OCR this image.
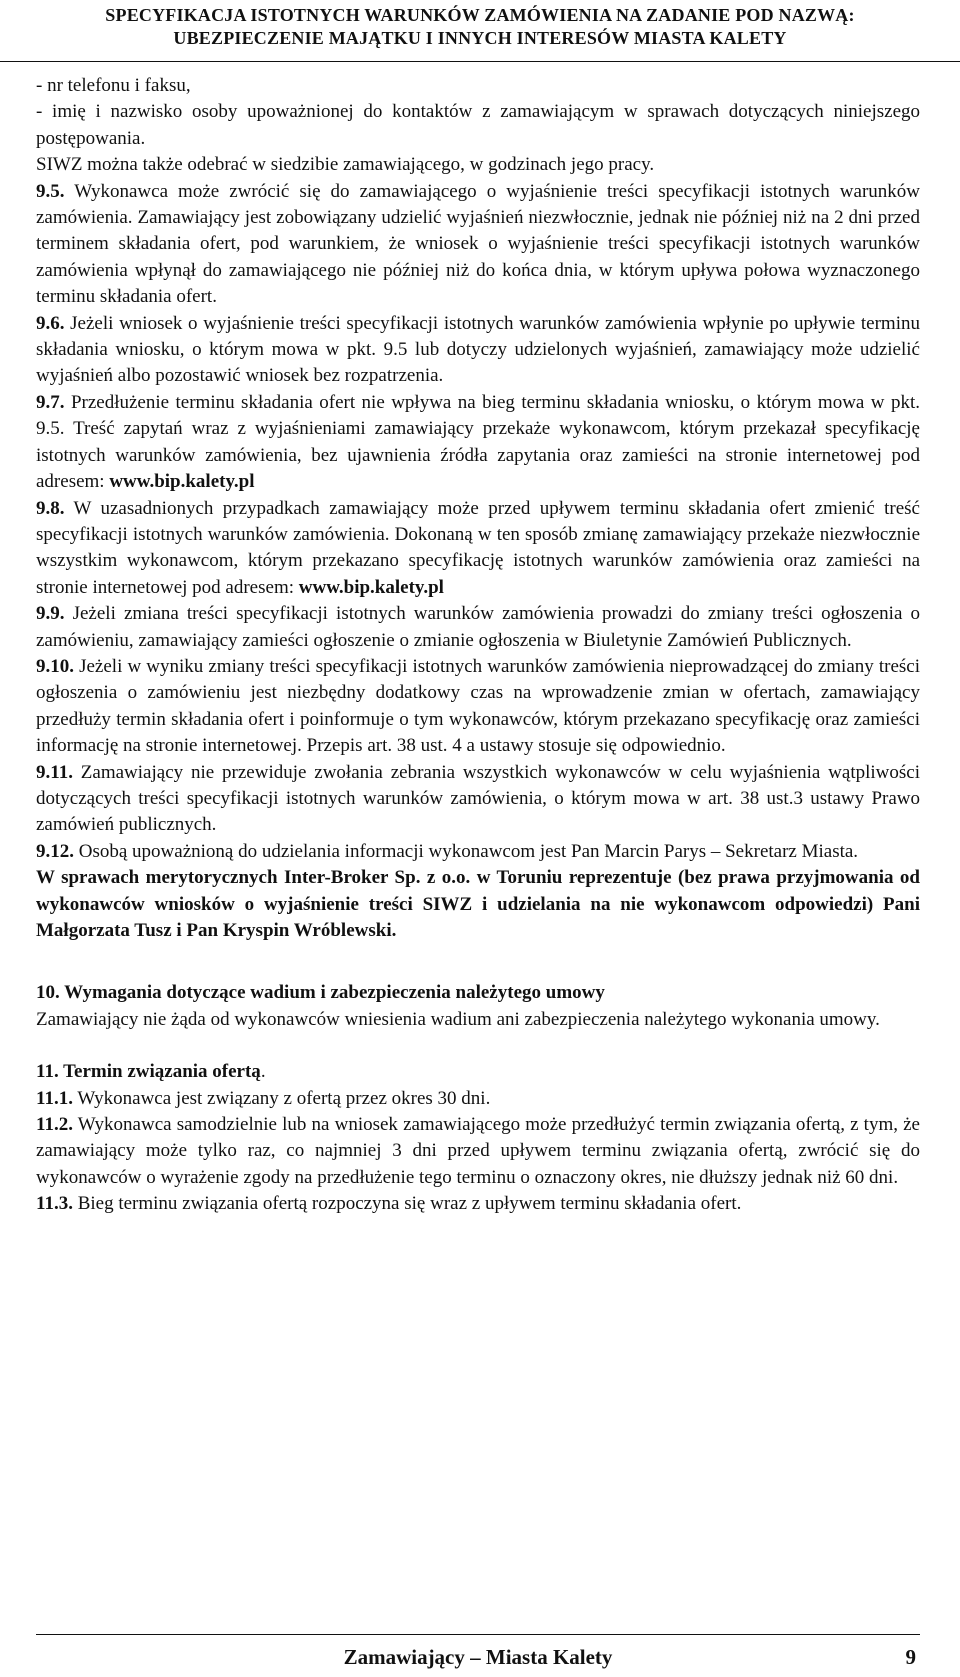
SPECYFIKACJA ISTOTNYCH WARUNKÓW ZAMÓWIENIA NA ZADANIE POD NAZWĄ:
UBEZPIECZENIE MAJĄTKU I INNYCH INTERESÓW MIASTA KALETY

- nr telefonu i faksu,

- imię i nazwisko osoby upoważnionej do kontaktów z zamawiającym w sprawach dotyczących niniejszego postępowania.

SIWZ można także odebrać w siedzibie zamawiającego, w godzinach jego pracy.

9.5. Wykonawca może zwrócić się do zamawiającego o wyjaśnienie treści specyfikacji istotnych warunków zamówienia. Zamawiający jest zobowiązany udzielić wyjaśnień niezwłocznie, jednak nie później niż na 2 dni przed terminem składania ofert, pod warunkiem, że wniosek o wyjaśnienie treści specyfikacji istotnych warunków zamówienia wpłynął do zamawiającego nie później niż do końca dnia, w którym upływa połowa wyznaczonego terminu składania ofert.

9.6. Jeżeli wniosek o wyjaśnienie treści specyfikacji istotnych warunków zamówienia wpłynie po upływie terminu składania wniosku, o którym mowa w pkt. 9.5 lub dotyczy udzielonych wyjaśnień, zamawiający może udzielić wyjaśnień albo pozostawić wniosek bez rozpatrzenia.

9.7. Przedłużenie terminu składania ofert nie wpływa na bieg terminu składania wniosku, o którym mowa w pkt. 9.5. Treść zapytań wraz z wyjaśnieniami zamawiający przekaże wykonawcom, którym przekazał specyfikację istotnych warunków zamówienia, bez ujawnienia źródła zapytania oraz zamieści na stronie internetowej pod adresem: www.bip.kalety.pl

9.8. W uzasadnionych przypadkach zamawiający może przed upływem terminu składania ofert zmienić treść specyfikacji istotnych warunków zamówienia. Dokonaną w ten sposób zmianę zamawiający przekaże niezwłocznie wszystkim wykonawcom, którym przekazano specyfikację istotnych warunków zamówienia oraz zamieści na stronie internetowej pod adresem: www.bip.kalety.pl

9.9. Jeżeli zmiana treści specyfikacji istotnych warunków zamówienia prowadzi do zmiany treści ogłoszenia o zamówieniu, zamawiający zamieści ogłoszenie o zmianie ogłoszenia w Biuletynie Zamówień Publicznych.

9.10. Jeżeli w wyniku zmiany treści specyfikacji istotnych warunków zamówienia nieprowadzącej do zmiany treści ogłoszenia o zamówieniu jest niezbędny dodatkowy czas na wprowadzenie zmian w ofertach, zamawiający przedłuży termin składania ofert i poinformuje o tym wykonawców, którym przekazano specyfikację oraz zamieści informację na stronie internetowej. Przepis art. 38 ust. 4 a ustawy stosuje się odpowiednio.

9.11. Zamawiający nie przewiduje zwołania zebrania wszystkich wykonawców w celu wyjaśnienia wątpliwości dotyczących treści specyfikacji istotnych warunków zamówienia, o którym mowa w art. 38 ust.3 ustawy Prawo zamówień publicznych.

9.12. Osobą upoważnioną do udzielania informacji wykonawcom jest Pan Marcin Parys – Sekretarz Miasta.

W sprawach merytorycznych Inter-Broker Sp. z o.o. w Toruniu reprezentuje (bez prawa przyjmowania od wykonawców wniosków o wyjaśnienie treści SIWZ i udzielania na nie wykonawcom odpowiedzi) Pani Małgorzata Tusz i Pan Kryspin Wróblewski.

10. Wymagania dotyczące wadium i zabezpieczenia należytego umowy

Zamawiający nie żąda od wykonawców wniesienia wadium ani zabezpieczenia należytego wykonania umowy.

11. Termin związania ofertą.

11.1. Wykonawca jest związany z ofertą przez okres 30 dni.

11.2. Wykonawca samodzielnie lub na wniosek zamawiającego może przedłużyć termin związania ofertą, z tym, że zamawiający może tylko raz, co najmniej 3 dni przed upływem terminu związania ofertą, zwrócić się do wykonawców o wyrażenie zgody na przedłużenie tego terminu o oznaczony okres, nie dłuższy jednak niż 60 dni.

11.3. Bieg terminu związania ofertą rozpoczyna się wraz z upływem terminu składania ofert.

Zamawiający – Miasta Kalety	9
